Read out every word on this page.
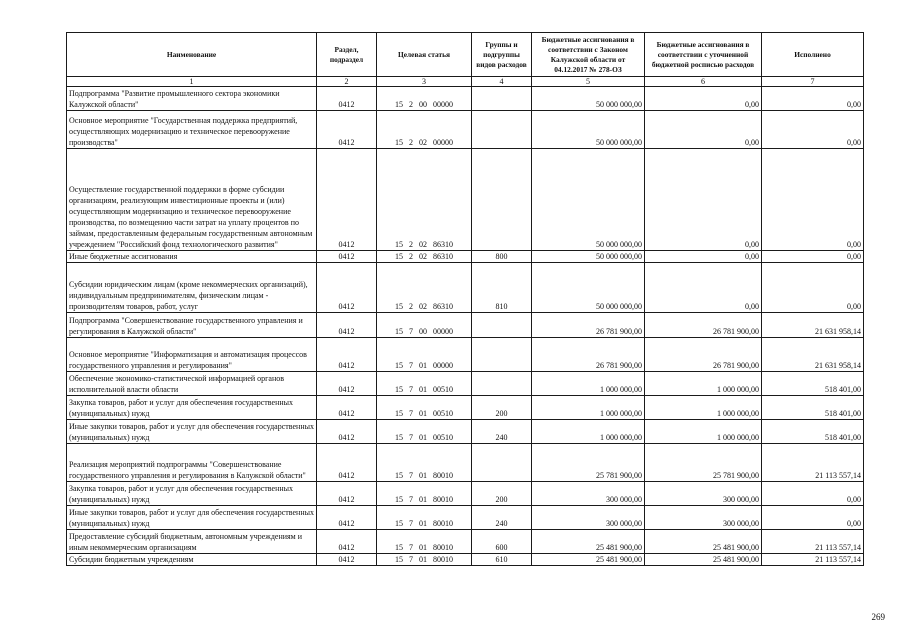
Наименование	Раздел, подраздел	Целевая статья	Группы и подгруппы видов расходов	Бюджетные ассигнования в соответствии с Законом Калужской области от 04.12.2017 № 278-ОЗ	Бюджетные ассигнования в соответствии с уточненной бюджетной росписью расходов	Исполнено
1	2	3	4	5	6	7
Подпрограмма "Развитие промышленного сектора экономики Калужской области"	0412	15 2 00 00000		50 000 000,00	0,00	0,00
Основное мероприятие "Государственная поддержка предприятий, осуществляющих модернизацию и техническое перевооружение производства"	0412	15 2 02 00000		50 000 000,00	0,00	0,00
Осуществление государственной поддержки в форме субсидии организациям, реализующим инвестиционные проекты и (или) осуществляющим модернизацию и техническое перевооружение производства, по возмещению части затрат на уплату процентов по займам, предоставленным федеральным государственным автономным учреждением "Российский фонд технологического развития"	0412	15 2 02 86310		50 000 000,00	0,00	0,00
Иные бюджетные ассигнования	0412	15 2 02 86310	800	50 000 000,00	0,00	0,00
Субсидии юридическим лицам (кроме некоммерческих организаций), индивидуальным предпринимателям, физическим лицам - производителям товаров, работ, услуг	0412	15 2 02 86310	810	50 000 000,00	0,00	0,00
Подпрограмма "Совершенствование государственного управления и регулирования в Калужской области"	0412	15 7 00 00000		26 781 900,00	26 781 900,00	21 631 958,14
Основное мероприятие "Информатизация и автоматизация процессов государственного управления и регулирования"	0412	15 7 01 00000		26 781 900,00	26 781 900,00	21 631 958,14
Обеспечение экономико-статистической информацией органов исполнительной власти области	0412	15 7 01 00510		1 000 000,00	1 000 000,00	518 401,00
Закупка товаров, работ и услуг для обеспечения государственных (муниципальных) нужд	0412	15 7 01 00510	200	1 000 000,00	1 000 000,00	518 401,00
Иные закупки товаров, работ и услуг для обеспечения государственных (муниципальных) нужд	0412	15 7 01 00510	240	1 000 000,00	1 000 000,00	518 401,00
Реализация мероприятий подпрограммы "Совершенствование государственного управления и регулирования в Калужской области"	0412	15 7 01 80010		25 781 900,00	25 781 900,00	21 113 557,14
Закупка товаров, работ и услуг для обеспечения государственных (муниципальных) нужд	0412	15 7 01 80010	200	300 000,00	300 000,00	0,00
Иные закупки товаров, работ и услуг для обеспечения государственных (муниципальных) нужд	0412	15 7 01 80010	240	300 000,00	300 000,00	0,00
Предоставление субсидий бюджетным, автономным учреждениям и иным некоммерческим организациям	0412	15 7 01 80010	600	25 481 900,00	25 481 900,00	21 113 557,14
Субсидии бюджетным учреждениям	0412	15 7 01 80010	610	25 481 900,00	25 481 900,00	21 113 557,14
269
